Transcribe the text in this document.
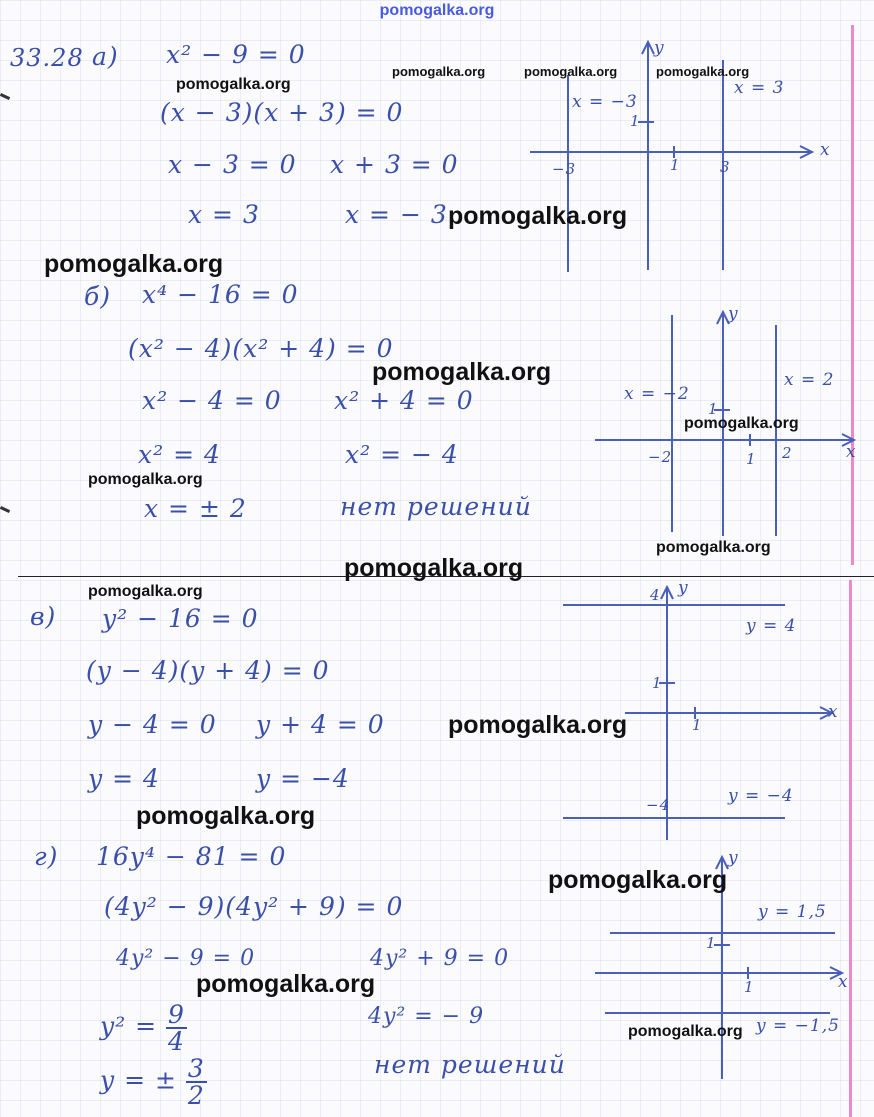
pomogalka.org
33.28 а) x² − 9 = 0
(x − 3)(x + 3) = 0
x − 3 = 0 x + 3 = 0
x = 3	x = − 3
y
x
x = −3
x = 3
1
1
−3	3
б) x⁴ − 16 = 0
(x² − 4)(x² + 4) = 0
x² − 4 = 0 x² + 4 = 0
x² = 4	x² = − 4
x = ± 2	нет решений
y
x
x = −2
x = 2
1
1
−2	2
в) y² − 16 = 0
(y − 4)(y + 4) = 0
y − 4 = 0 y + 4 = 0
y = 4	y = −4
y
x
y = 4
y = −4
4
−4
1
1
г) 16y⁴ − 81 = 0
(4y² − 9)(4y² + 9) = 0
4y² − 9 = 0	4y² + 9 = 0
$y^2 = \frac{9}{4}$	4y² = − 9
y = ± $\frac{3}{2}$	нет решений
y
x
y = 1,5
y = −1,5
1
1
pomogalka.org
pomogalka.org	pomogalka.org	pomogalka.org
pomogalka.org
pomogalka.org
pomogalka.org
pomogalka.org
pomogalka.org
pomogalka.org
pomogalka.org
pomogalka.org
pomogalka.org
pomogalka.org
pomogalka.org
pomogalka.org
pomogalka.org
